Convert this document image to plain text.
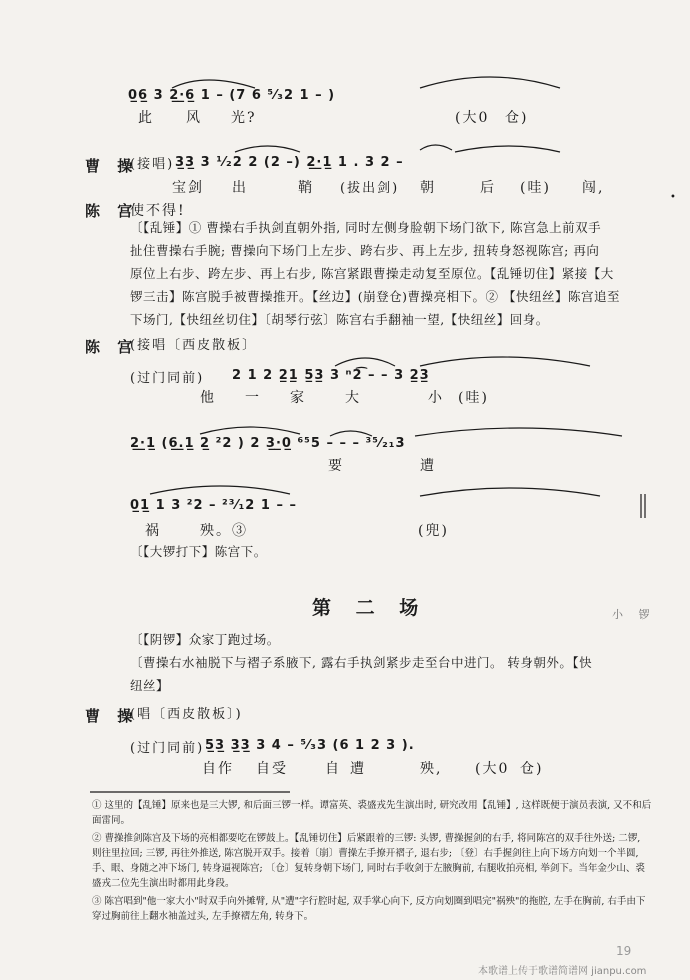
0̲6̲ 3 2̲·̲6̲ 1 – (7 6 ⁵⁄₃2 1 – )
此 风 光?	(大0 仓)
曹 操
(接唱) 3̲3̲ 3 ¹⁄₂2 2 (2 –) 2̲·̲1̲ 1 . 3 2 –
宝剑 出	鞘 (拔出剑) 朝	后 (哇) 闯,
•
陈 宫
使不得!
〔【乱锤】① 曹操右手执剑直朝外指, 同时左侧身脸朝下场门欲下, 陈宫急上前双手
扯住曹操右手腕; 曹操向下场门上左步、跨右步、再上左步, 扭转身怒视陈宫; 再向
原位上右步、跨左步、再上右步, 陈宫紧跟曹操走动复至原位。【乱锤切住】紧接【大
锣三击】陈宫脱手被曹操推开。【丝边】(崩登仓)曹操亮相下。② 【快纽丝】陈宫追至
下场门,【快纽丝切住】〔胡琴行弦〕陈宫右手翻袖一望,【快纽丝】回身。
陈 宫
(接唱〔西皮散板〕
(过门同前) 2 1 2 2̲1̲ 5̲3̲ 3 ⁿ2͡ – – 3 2̲3̲
他 一 家	大	小 (哇)
2̲·̲1̲ (6̲.̲1̲ 2̲ ²2 ) 2 3̲·̲0̲ ⁶⁵5 – – – ³⁵⁄₂₁3
要	遭
0̲1̲ 1 3 ²2 – ²³⁄₁2 1 – –
祸	殃。③	(兜)
〔【大锣打下】陈宫下。
第 二 场	小 锣
〔【阴锣】众家丁跑过场。
〔曹操右水袖脱下与褶子系腋下, 露右手执剑紧步走至台中进门。 转身朝外。【快
纽丝】
曹 操
(唱〔西皮散板〕)
(过门同前) 5̲3̲ 3̲3̲ 3 4 – ⁵⁄₃3 (6 1 2 3 ).
自作 自受	自 遭	殃, (大0 仓)
① 这里的【乱锤】原来也是三大锣, 和后面三锣一样。谭富英、裘盛戎先生演出时, 研究改用【乱锤】, 这样既便于演员表演, 又不和后面雷同。
② 曹操推剑陈宫及下场的亮相都要吃在锣鼓上。【乱锤切住】后紧跟着的三锣: 头锣, 曹操握剑的右手, 将同陈宫的双手往外送; 二锣, 则往里拉回; 三锣, 再往外推送, 陈宫脱开双手。接着〔崩〕曹操左手撩开褶子, 退右步; 〔登〕右手握剑往上向下场方向划一个半圆, 手、眼、身随之冲下场门, 转身逼视陈宫; 〔仓〕复转身朝下场门, 同时右手收剑于左腋胸前, 右腿收拍亮相, 举剑下。当年金少山、裘盛戎二位先生演出时都用此身段。
③ 陈宫唱到"他一家大小"时双手向外摊臂, 从"遭"字行腔时起, 双手掌心向下, 反方向划圈到唱完"祸殃"的拖腔, 左手在胸前, 右手由下穿过胸前往上翻水袖盖过头, 左手撩褶左角, 转身下。
19
本歌谱上传于歌谱简谱网 jianpu.com
